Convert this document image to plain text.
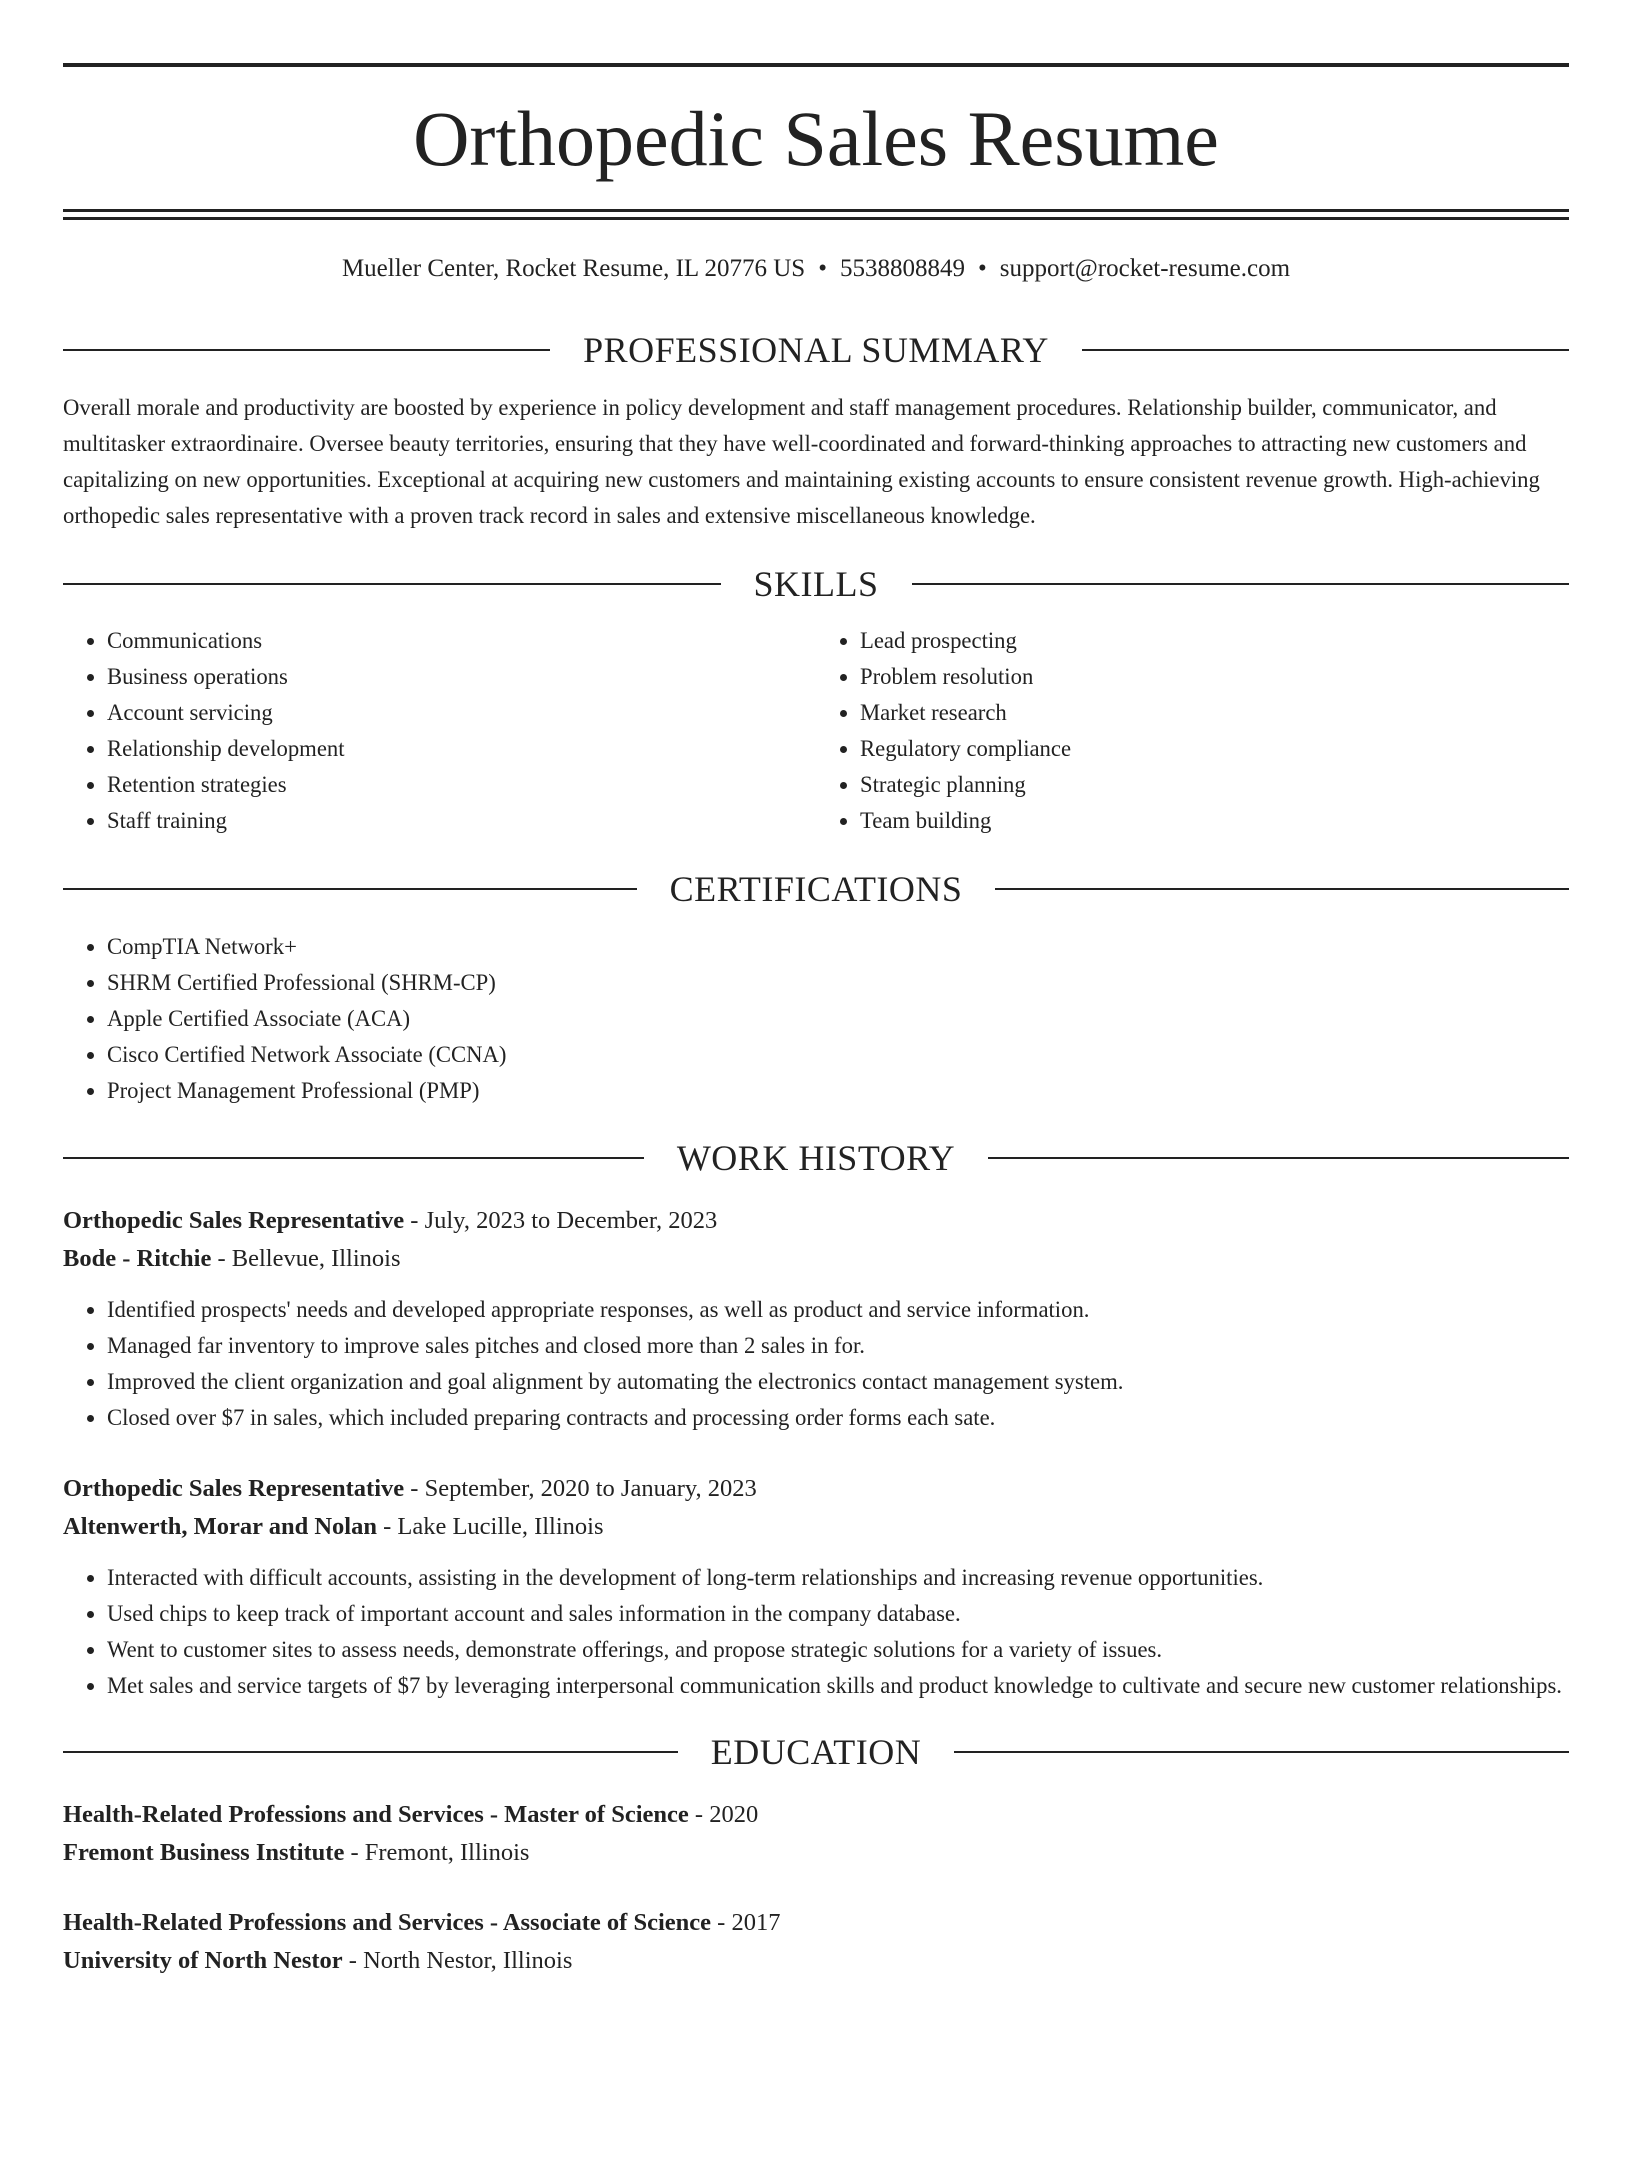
Orthopedic Sales Resume
Mueller Center, Rocket Resume, IL 20776 US • 5538808849 • support@rocket-resume.com
PROFESSIONAL SUMMARY

Overall morale and productivity are boosted by experience in policy development and staff management procedures. Relationship builder, communicator, and multitasker extraordinaire. Oversee beauty territories, ensuring that they have well-coordinated and forward-thinking approaches to attracting new customers and capitalizing on new opportunities. Exceptional at acquiring new customers and maintaining existing accounts to ensure consistent revenue growth. High-achieving orthopedic sales representative with a proven track record in sales and extensive miscellaneous knowledge.

SKILLS
• Communications
• Business operations
• Account servicing
• Relationship development
• Retention strategies
• Staff training
• Lead prospecting
• Problem resolution
• Market research
• Regulatory compliance
• Strategic planning
• Team building
CERTIFICATIONS
• CompTIA Network+
• SHRM Certified Professional (SHRM-CP)
• Apple Certified Associate (ACA)
• Cisco Certified Network Associate (CCNA)
• Project Management Professional (PMP)
WORK HISTORY

Orthopedic Sales Representative - July, 2023 to December, 2023

Bode - Ritchie - Bellevue, Illinois

• Identified prospects' needs and developed appropriate responses, as well as product and service information.
• Managed far inventory to improve sales pitches and closed more than 2 sales in for.
• Improved the client organization and goal alignment by automating the electronics contact management system.
• Closed over $7 in sales, which included preparing contracts and processing order forms each sate.

Orthopedic Sales Representative - September, 2020 to January, 2023

Altenwerth, Morar and Nolan - Lake Lucille, Illinois

• Interacted with difficult accounts, assisting in the development of long-term relationships and increasing revenue opportunities.
• Used chips to keep track of important account and sales information in the company database.
• Went to customer sites to assess needs, demonstrate offerings, and propose strategic solutions for a variety of issues.
• Met sales and service targets of $7 by leveraging interpersonal communication skills and product knowledge to cultivate and secure new customer relationships.
EDUCATION

Health-Related Professions and Services - Master of Science - 2020

Fremont Business Institute - Fremont, Illinois

Health-Related Professions and Services - Associate of Science - 2017

University of North Nestor - North Nestor, Illinois
